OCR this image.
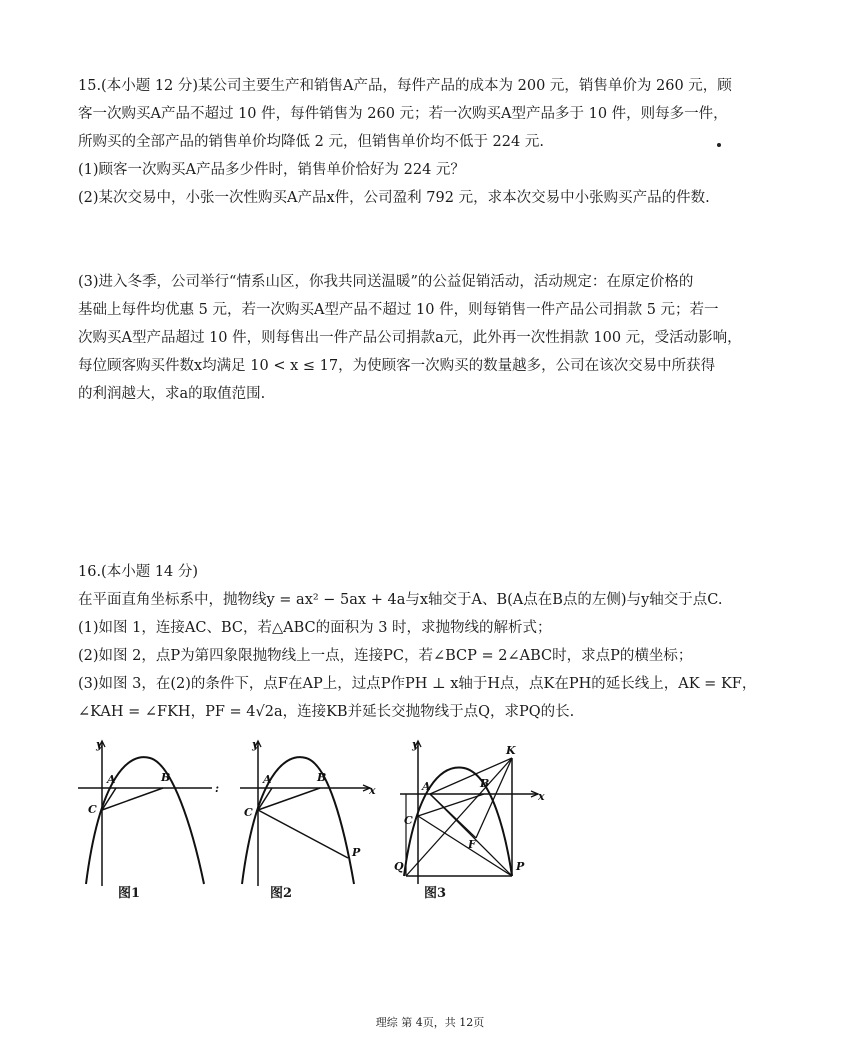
15.(本小题 12 分)某公司主要生产和销售A产品，每件产品的成本为 200 元，销售单价为 260 元，顾
客一次购买A产品不超过 10 件，每件销售为 260 元；若一次购买A型产品多于 10 件，则每多一件，
所购买的全部产品的销售单价均降低 2 元，但销售单价均不低于 224 元.
(1)顾客一次购买A产品多少件时，销售单价恰好为 224 元？
(2)某次交易中，小张一次性购买A产品x件，公司盈利 792 元，求本次交易中小张购买产品的件数.
(3)进入冬季，公司举行“情系山区，你我共同送温暖”的公益促销活动，活动规定：在原定价格的
基础上每件均优惠 5 元，若一次购买A型产品不超过 10 件，则每销售一件产品公司捐款 5 元；若一
次购买A型产品超过 10 件，则每售出一件产品公司捐款a元，此外再一次性捐款 100 元，受活动影响，
每位顾客购买件数x均满足 10 < x ≤ 17，为使顾客一次购买的数量越多，公司在该次交易中所获得
的利润越大，求a的取值范围.
16.(本小题 14 分)
在平面直角坐标系中，抛物线y = ax² − 5ax + 4a与x轴交于A、B(A点在B点的左侧)与y轴交于点C.
(1)如图 1，连接AC、BC，若△ABC的面积为 3 时，求抛物线的解析式；
(2)如图 2，点P为第四象限抛物线上一点，连接PC，若∠BCP = 2∠ABC时，求点P的横坐标；
(3)如图 3，在(2)的条件下，点F在AP上，过点P作PH ⊥ x轴于H点，点K在PH的延长线上，AK = KF，
∠KAH = ∠FKH，PF = 4√2a，连接KB并延长交抛物线于点Q，求PQ的长.
y
:
A	B
C
y
x
A	B
C
P
y
x
A	B
C
K
F
Q	P
图1	图2	图3
理综 第 4页，共 12页
